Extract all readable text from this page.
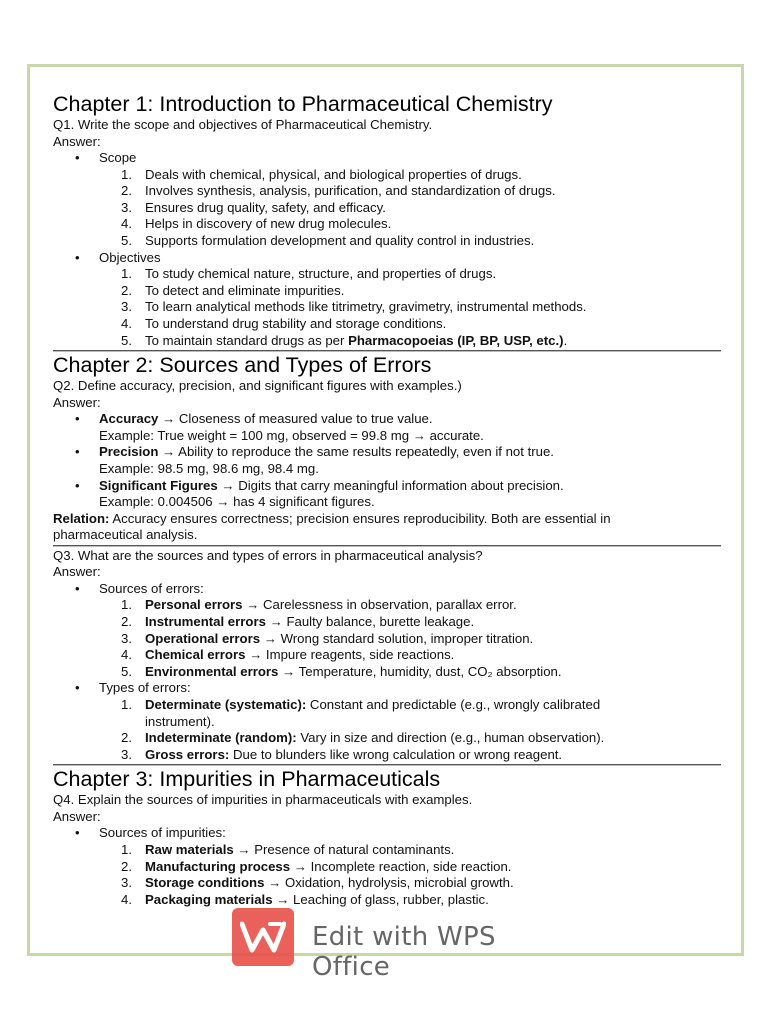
Chapter 1: Introduction to Pharmaceutical Chemistry
Q1. Write the scope and objectives of Pharmaceutical Chemistry.
Answer:
• Scope
1. Deals with chemical, physical, and biological properties of drugs.
2. Involves synthesis, analysis, purification, and standardization of drugs.
3. Ensures drug quality, safety, and efficacy.
4. Helps in discovery of new drug molecules.
5. Supports formulation development and quality control in industries.
• Objectives
1. To study chemical nature, structure, and properties of drugs.
2. To detect and eliminate impurities.
3. To learn analytical methods like titrimetry, gravimetry, instrumental methods.
4. To understand drug stability and storage conditions.
5. To maintain standard drugs as per Pharmacopoeias (IP, BP, USP, etc.).
Chapter 2: Sources and Types of Errors
Q2. Define accuracy, precision, and significant figures with examples.)
Answer:
• Accuracy → Closeness of measured value to true value.
Example: True weight = 100 mg, observed = 99.8 mg → accurate.
• Precision → Ability to reproduce the same results repeatedly, even if not true.
Example: 98.5 mg, 98.6 mg, 98.4 mg.
• Significant Figures → Digits that carry meaningful information about precision.
Example: 0.004506 → has 4 significant figures.
Relation: Accuracy ensures correctness; precision ensures reproducibility. Both are essential in
pharmaceutical analysis.
Q3. What are the sources and types of errors in pharmaceutical analysis?
Answer:
• Sources of errors:
1. Personal errors → Carelessness in observation, parallax error.
2. Instrumental errors → Faulty balance, burette leakage.
3. Operational errors → Wrong standard solution, improper titration.
4. Chemical errors → Impure reagents, side reactions.
5. Environmental errors → Temperature, humidity, dust, CO₂ absorption.
• Types of errors:
1. Determinate (systematic): Constant and predictable (e.g., wrongly calibrated
instrument).
2. Indeterminate (random): Vary in size and direction (e.g., human observation).
3. Gross errors: Due to blunders like wrong calculation or wrong reagent.
Chapter 3: Impurities in Pharmaceuticals
Q4. Explain the sources of impurities in pharmaceuticals with examples.
Answer:
• Sources of impurities:
1. Raw materials → Presence of natural contaminants.
2. Manufacturing process → Incomplete reaction, side reaction.
3. Storage conditions → Oxidation, hydrolysis, microbial growth.
4. Packaging materials → Leaching of glass, rubber, plastic.
Edit with WPS Office
